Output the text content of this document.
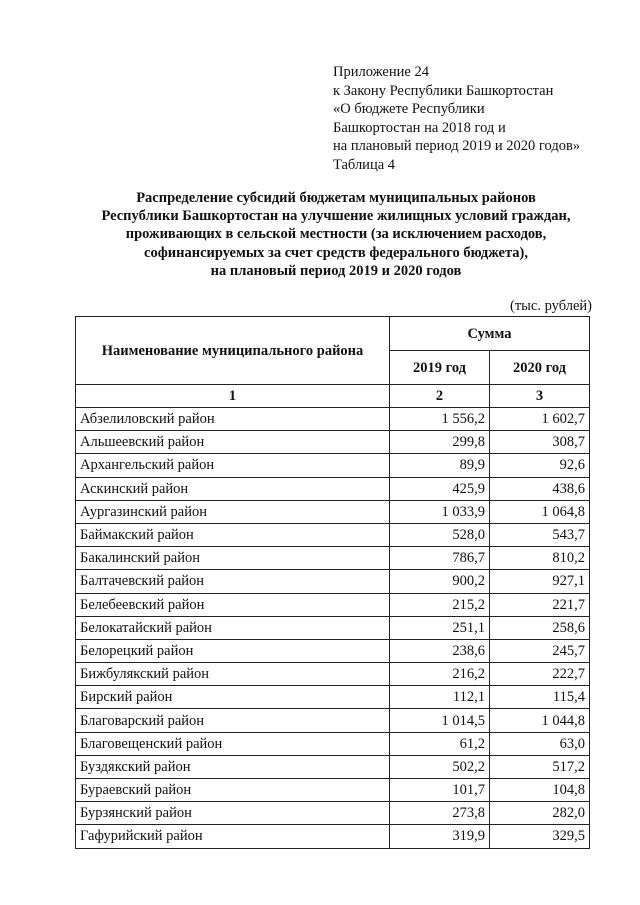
Приложение 24
к Закону Республики Башкортостан
«О бюджете Республики
Башкортостан на 2018 год и
на плановый период 2019 и 2020 годов»
Таблица 4
Распределение субсидий бюджетам муниципальных районов
Республики Башкортостан на улучшение жилищных условий граждан,
проживающих в сельской местности (за исключением расходов,
софинансируемых за счет средств федерального бюджета),
на плановый период 2019 и 2020 годов
(тыс. рублей)
Наименование муниципального района	Сумма	
	2019 год	2020 год
1	2	3
Абзелиловский район	1 556,2	1 602,7
Альшеевский район	299,8	308,7
Архангельский район	89,9	92,6
Аскинский район	425,9	438,6
Аургазинский район	1 033,9	1 064,8
Баймакский район	528,0	543,7
Бакалинский район	786,7	810,2
Балтачевский район	900,2	927,1
Белебеевский район	215,2	221,7
Белокатайский район	251,1	258,6
Белорецкий район	238,6	245,7
Бижбулякский район	216,2	222,7
Бирский район	112,1	115,4
Благоварский район	1 014,5	1 044,8
Благовещенский район	61,2	63,0
Буздякский район	502,2	517,2
Бураевский район	101,7	104,8
Бурзянский район	273,8	282,0
Гафурийский район	319,9	329,5
